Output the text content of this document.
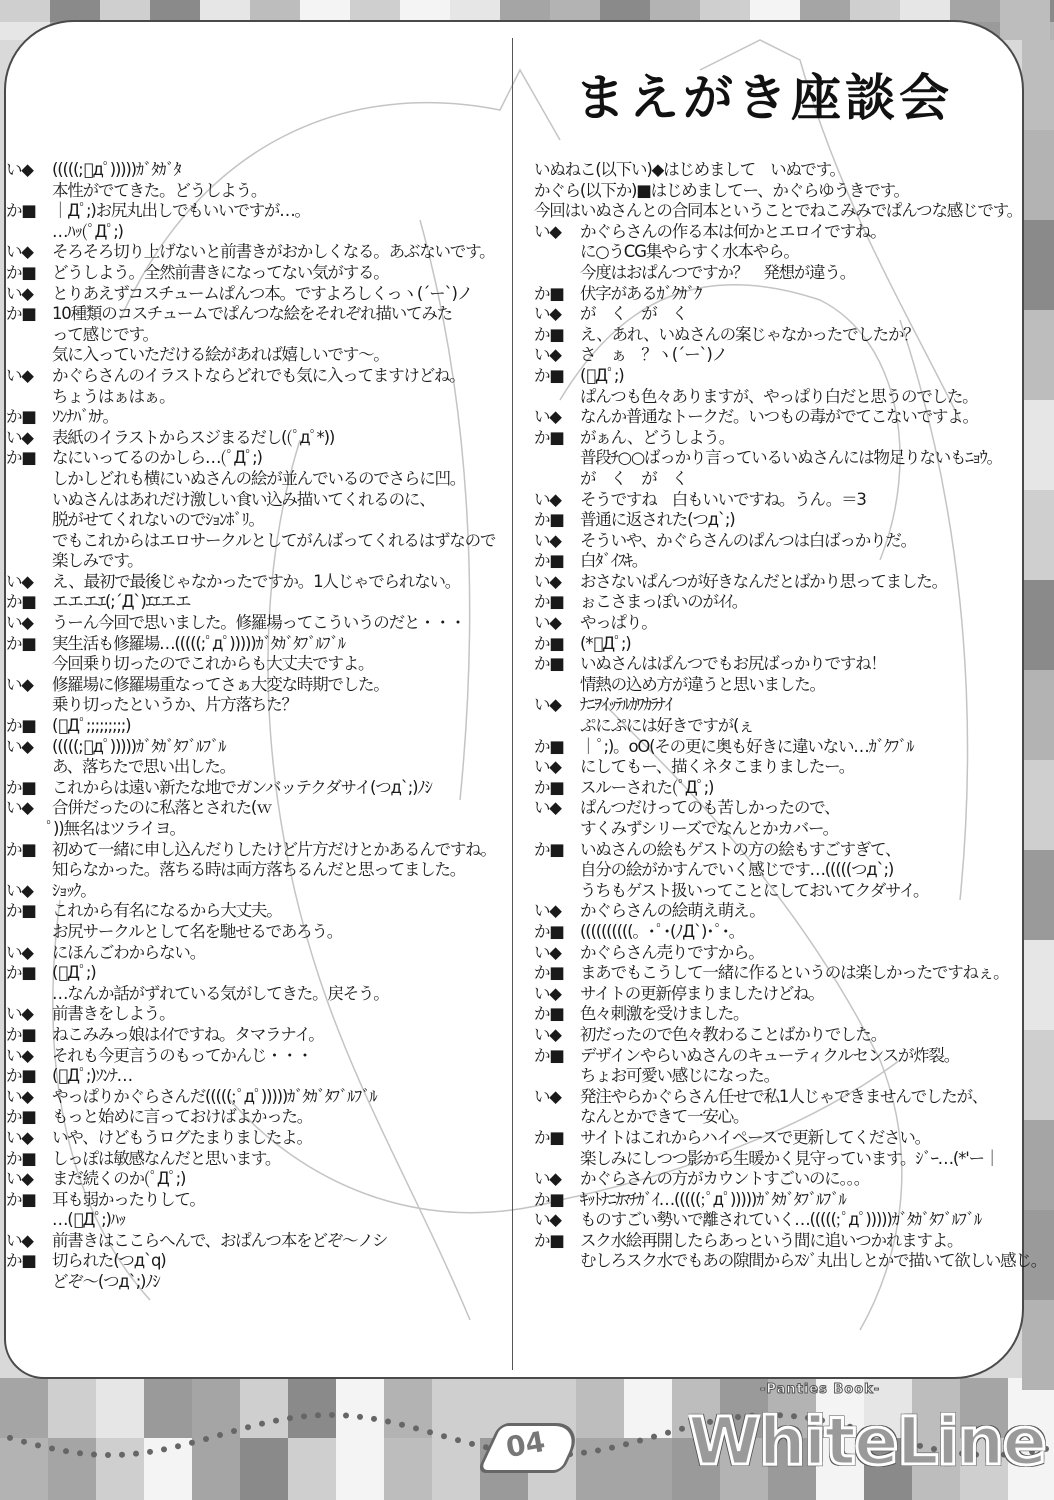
まえがき座談会
い◆	(((((;ﾟдﾟ)))))ｶﾞﾀｶﾞﾀ
本性がでてきた。どうしよう。
か■ ｜Дﾟ;)お尻丸出しでもいいですが…。
…ﾊｯ(ﾟДﾟ;)
い◆	そろそろ切り上げないと前書きがおかしくなる。あぶないです。
か■ どうしよう。全然前書きになってない気がする。
い◆	とりあえずコスチュームぱんつ本。ですよろしくっヽ(´ー`)ノ
か■ 10種類のコスチュームでぱんつな絵をそれぞれ描いてみた
って感じです。
気に入っていただける絵があれば嬉しいです～。
い◆	かぐらさんのイラストならどれでも気に入ってますけどね。
ちょうはぁはぁ。
か■ ｿﾝﾅﾊﾞｶﾅ。
い◆	表紙のイラストからスジまるだし((ﾟдﾟ*))
か■ なにいってるのかしら…(ﾟДﾟ;)
しかしどれも横にいぬさんの絵が並んでいるのでさらに凹。
いぬさんはあれだけ激しい食い込み描いてくれるのに、
脱がせてくれないのでｼｮﾝﾎﾞﾘ。
でもこれからはエロサークルとしてがんばってくれるはずなので
楽しみです。
い◆	え、最初で最後じゃなかったですか。1人じゃでられない。
か■ エエエｴ(;´Д`)ｴｴエエ
い◆	うーん今回で思いました。修羅場ってこういうのだと・・・
か■ 実生活も修羅場…(((((;ﾟдﾟ)))))ｶﾞﾀｶﾞﾀﾌﾞﾙﾌﾞﾙ
今回乗り切ったのでこれからも大丈夫ですよ。
い◆	修羅場に修羅場重なってさぁ大変な時期でした。
乗り切ったというか、片方落ちた？
か■ (ﾟДﾟ;;;;;;;;;)
い◆	(((((;ﾟдﾟ)))))ｶﾞﾀｶﾞﾀﾌﾞﾙﾌﾞﾙ
あ、落ちたで思い出した。
か■ これからは遠い新たな地でガンバッテクダサイ(つд`;)ﾉｼ
い◆	合併だったのに私落とされた(ｗ
ﾟ))無名はツライヨ。
か■ 初めて一緒に申し込んだりしたけど片方だけとかあるんですね。
知らなかった。落ちる時は両方落ちるんだと思ってました。
い◆	ｼｮｯｸ。
か■ これから有名になるから大丈夫。
お尻サークルとして名を馳せるであろう。
い◆	にほんごわからない。
か■ (ﾟДﾟ;)
…なんか話がずれている気がしてきた。戻そう。
い◆	前書きをしよう。
か■ ねこみみっ娘はｲｲですね。タマラナイ。
い◆	それも今更言うのもってかんじ・・・
か■ (ﾟДﾟ;)ｿﾝﾅ…
い◆	やっぱりかぐらさんだ(((((;ﾟдﾟ)))))ｶﾞﾀｶﾞﾀﾌﾞﾙﾌﾞﾙ
か■ もっと始めに言っておけばよかった。
い◆	いや、けどもうログたまりましたよ。
か■ しっぽは敏感なんだと思います。
い◆	まだ続くのか(ﾟДﾟ;)
か■ 耳も弱かったりして。
…(ﾟДﾟ;)ﾊｯ
い◆	前書きはここらへんで、おぱんつ本をどぞ～ノシ
か■ 切られた(つд`q)
どぞ～(つд`;)ﾉｼ
いぬねこ(以下い)◆はじめまして　いぬです。
かぐら(以下か)■はじめましてー、かぐらゆうきです。
今回はいぬさんとの合同本ということでねこみみでぱんつな感じです。
い◆	かぐらさんの作る本は何かとエロイですね。
に○うCG集やらすく水本やら。
今度はおぱんつですか？　発想が違う。
か■ 伏字があるｶﾞｸｶﾞｸ
い◆	が　く　が　く
か■ え、あれ、いぬさんの案じゃなかったでしたか？
い◆	さ　ぁ　？ヽ(´ー`)ノ
か■ (ﾟДﾟ;)
ぱんつも色々ありますが、やっぱり白だと思うのでした。
い◆	なんか普通なトークだ。いつもの毒がでてこないですよ。
か■ がぁん、どうしよう。
普段ﾁ○○ばっかり言っているいぬさんには物足りないもﾆｮｳ。
が　く　が　く
い◆	そうですね　白もいいですね。うん。＝3
か■ 普通に返された(つд`;)
い◆	そういや、かぐらさんのぱんつは白ばっかりだ。
か■ 白ﾀﾞｲｽｷ。
い◆	おさないぱんつが好きなんだとばかり思ってました。
か■ ぉこさまっぽいのがｲｲ。
い◆	やっぱり。
か■ (*ﾟДﾟ;)
か■ いぬさんはぱんつでもお尻ばっかりですね！
情熱の込め方が違うと思いました。
い◆	ﾅﾆｦｲｯﾃﾙｶﾜｶﾗﾅｲ
ぷにぷには好きですが(ぇ
か■ ｜ﾟ;)。oO(その更に奥も好きに違いない…ｶﾞｸﾌﾞﾙ
い◆	にしてもー、描くネタこまりましたー。
か■ スルーされた(ﾟДﾟ;)
い◆	ぱんつだけってのも苦しかったので、
すくみずシリーズでなんとかカバー。
か■ いぬさんの絵もゲストの方の絵もすごすぎて、
自分の絵がかすんでいく感じです…(((((つд`;)
うちもゲスト扱いってことにしておいてクダサイ。
い◆	かぐらさんの絵萌え萌え。
か■ ((((((((((。･ﾟ･(ﾉД`)･ﾟ･。
い◆	かぐらさん売りですから。
か■ まあでもこうして一緒に作るというのは楽しかったですねぇ。
い◆	サイトの更新停まりましたけどね。
か■ 色々刺激を受けました。
い◆	初だったので色々教わることばかりでした。
か■ デザインやらいぬさんのキューティクルセンスが炸裂。
ちょお可愛い感じになった。
い◆	発注やらかぐらさん任せで私1人じゃできませんでしたが、
なんとかできて一安心。
か■ サイトはこれからハイペースで更新してください。
楽しみにしつつ影から生暖かく見守っています。ｼﾞｰ…(*'ー｜
い◆	かぐらさんの方がカウントすごいのに。。。
か■ ｷｯﾄﾅﾆｶﾏﾁｶﾞｲ…(((((;ﾟдﾟ)))))ｶﾞﾀｶﾞﾀﾌﾞﾙﾌﾞﾙ
い◆	ものすごい勢いで離されていく…(((((;ﾟдﾟ)))))ｶﾞﾀｶﾞﾀﾌﾞﾙﾌﾞﾙ
か■ スク水絵再開したらあっという間に追いつかれますよ。
むしろスク水でもあの隙間からｽｼﾞ丸出しとかで描いて欲しい感じ。
04
-Panties Book-
WhiteLine
